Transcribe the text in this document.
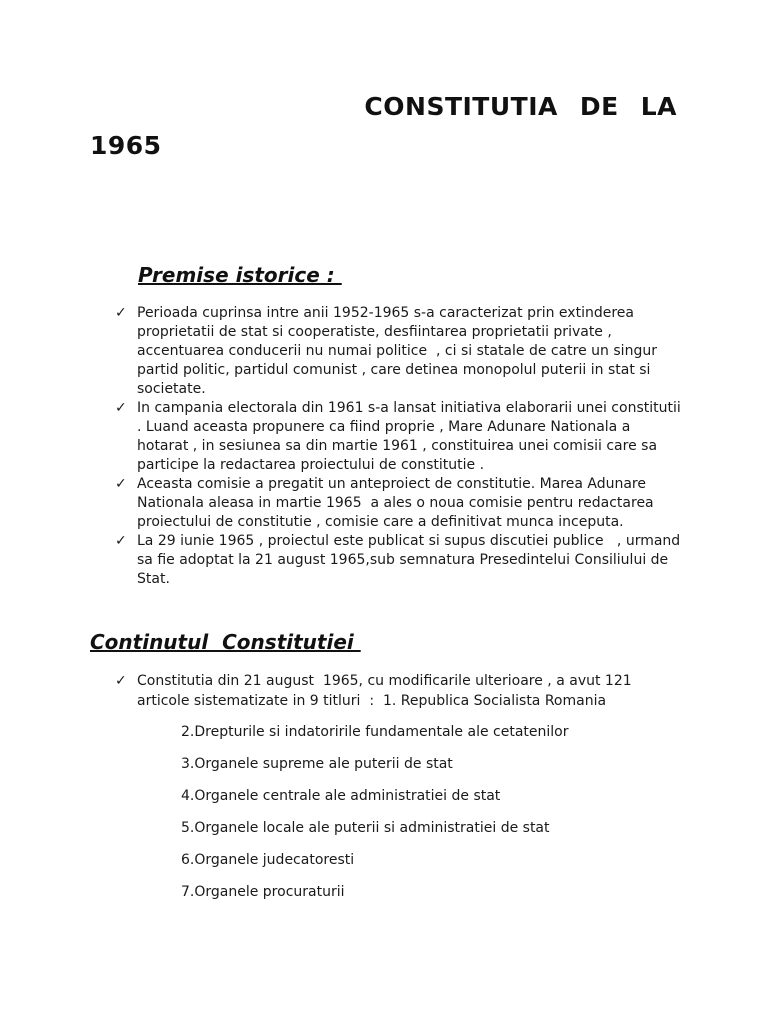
CONSTITUTIA DE LA
1965
Premise istorice :
✓ Perioada cuprinsa intre anii 1952-1965 s-a caracterizat prin extinderea proprietatii de stat si cooperatiste, desfiintarea proprietatii private , accentuarea conducerii nu numai politice  , ci si statale de catre un singur partid politic, partidul comunist , care detinea monopolul puterii in stat si societate.
✓ In campania electorala din 1961 s-a lansat initiativa elaborarii unei constitutii . Luand aceasta propunere ca fiind proprie , Mare Adunare Nationala a hotarat , in sesiunea sa din martie 1961 , constituirea unei comisii care sa participe la redactarea proiectului de constitutie .
✓ Aceasta comisie a pregatit un anteproiect de constitutie. Marea Adunare Nationala aleasa in martie 1965  a ales o noua comisie pentru redactarea proiectului de constitutie , comisie care a definitivat munca inceputa.
✓ La 29 iunie 1965 , proiectul este publicat si supus discutiei publice   , urmand sa fie adoptat la 21 august 1965,sub semnatura Presedintelui Consiliului de Stat.
Continutul  Constitutiei
✓ Constitutia din 21 august  1965, cu modificarile ulterioare , a avut 121 articole sistematizate in 9 titluri  :  1. Republica Socialista Romania
2.Drepturile si indatoririle fundamentale ale cetatenilor
3.Organele supreme ale puterii de stat
4.Organele centrale ale administratiei de stat
5.Organele locale ale puterii si administratiei de stat
6.Organele judecatoresti
7.Organele procuraturii
